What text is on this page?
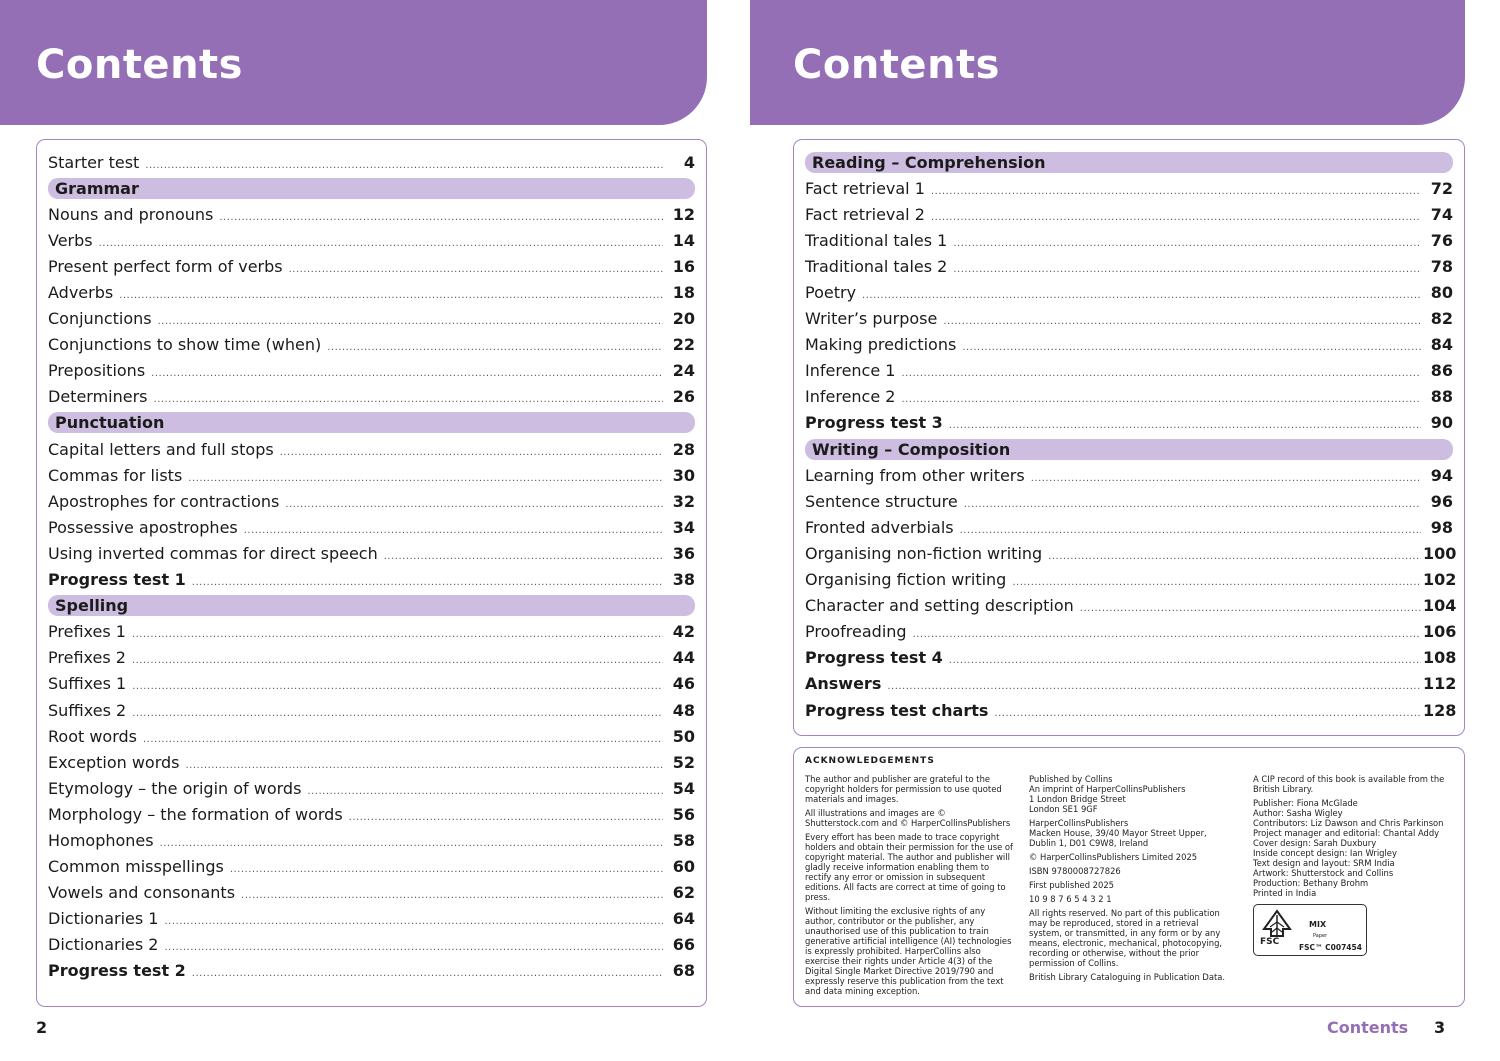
Contents
Starter test .....	4
Grammar
Nouns and pronouns .....	12
Verbs .....	14
Present perfect form of verbs .....	16
Adverbs .....	18
Conjunctions .....	20
Conjunctions to show time (when) .....	22
Prepositions .....	24
Determiners .....	26
Punctuation
Capital letters and full stops .....	28
Commas for lists .....	30
Apostrophes for contractions .....	32
Possessive apostrophes .....	34
Using inverted commas for direct speech .....	36
Progress test 1 .....	38
Spelling
Prefixes 1 .....	42
Prefixes 2 .....	44
Suffixes 1 .....	46
Suffixes 2 .....	48
Root words .....	50
Exception words .....	52
Etymology – the origin of words .....	54
Morphology – the formation of words .....	56
Homophones .....	58
Common misspellings .....	60
Vowels and consonants .....	62
Dictionaries 1 .....	64
Dictionaries 2 .....	66
Progress test 2 .....	68
2
Contents
Reading – Comprehension
Fact retrieval 1 .....	72
Fact retrieval 2 .....	74
Traditional tales 1 .....	76
Traditional tales 2 .....	78
Poetry .....	80
Writer’s purpose .....	82
Making predictions .....	84
Inference 1 .....	86
Inference 2 .....	88
Progress test 3 .....	90
Writing – Composition
Learning from other writers .....	94
Sentence structure .....	96
Fronted adverbials .....	98
Organising non-fiction writing .....	100
Organising fiction writing .....	102
Character and setting description .....	104
Proofreading .....	106
Progress test 4 .....	108
Answers .....	112
Progress test charts .....	128
ACKNOWLEDGEMENTS

The author and publisher are grateful to the copyright holders for permission to use quoted materials and images.

All illustrations and images are © Shutterstock.com and © HarperCollinsPublishers

Every effort has been made to trace copyright holders and obtain their permission for the use of copyright material. The author and publisher will gladly receive information enabling them to rectify any error or omission in subsequent editions. All facts are correct at time of going to press.

Without limiting the exclusive rights of any author, contributor or the publisher, any unauthorised use of this publication to train generative artificial intelligence (AI) technologies is expressly prohibited. HarperCollins also exercise their rights under Article 4(3) of the Digital Single Market Directive 2019/790 and expressly reserve this publication from the text and data mining exception.

Published by Collins
An imprint of HarperCollinsPublishers
1 London Bridge Street
London SE1 9GF

HarperCollinsPublishers
Macken House, 39/40 Mayor Street Upper,
Dublin 1, D01 C9W8, Ireland

© HarperCollinsPublishers Limited 2025

ISBN 9780008727826

First published 2025

10 9 8 7 6 5 4 3 2 1

All rights reserved. No part of this publication may be reproduced, stored in a retrieval system, or transmitted, in any form or by any means, electronic, mechanical, photocopying, recording or otherwise, without the prior permission of Collins.

British Library Cataloguing in Publication Data.

A CIP record of this book is available from the British Library.

Publisher: Fiona McGlade
Author: Sasha Wigley
Contributors: Liz Dawson and Chris Parkinson
Project manager and editorial: Chantal Addy
Cover design: Sarah Duxbury
Inside concept design: Ian Wrigley
Text design and layout: SRM India
Artwork: Shutterstock and Collins
Production: Bethany Brohm
Printed in India

FSC
MIX
Paper
FSC™ C007454
Contents 3
